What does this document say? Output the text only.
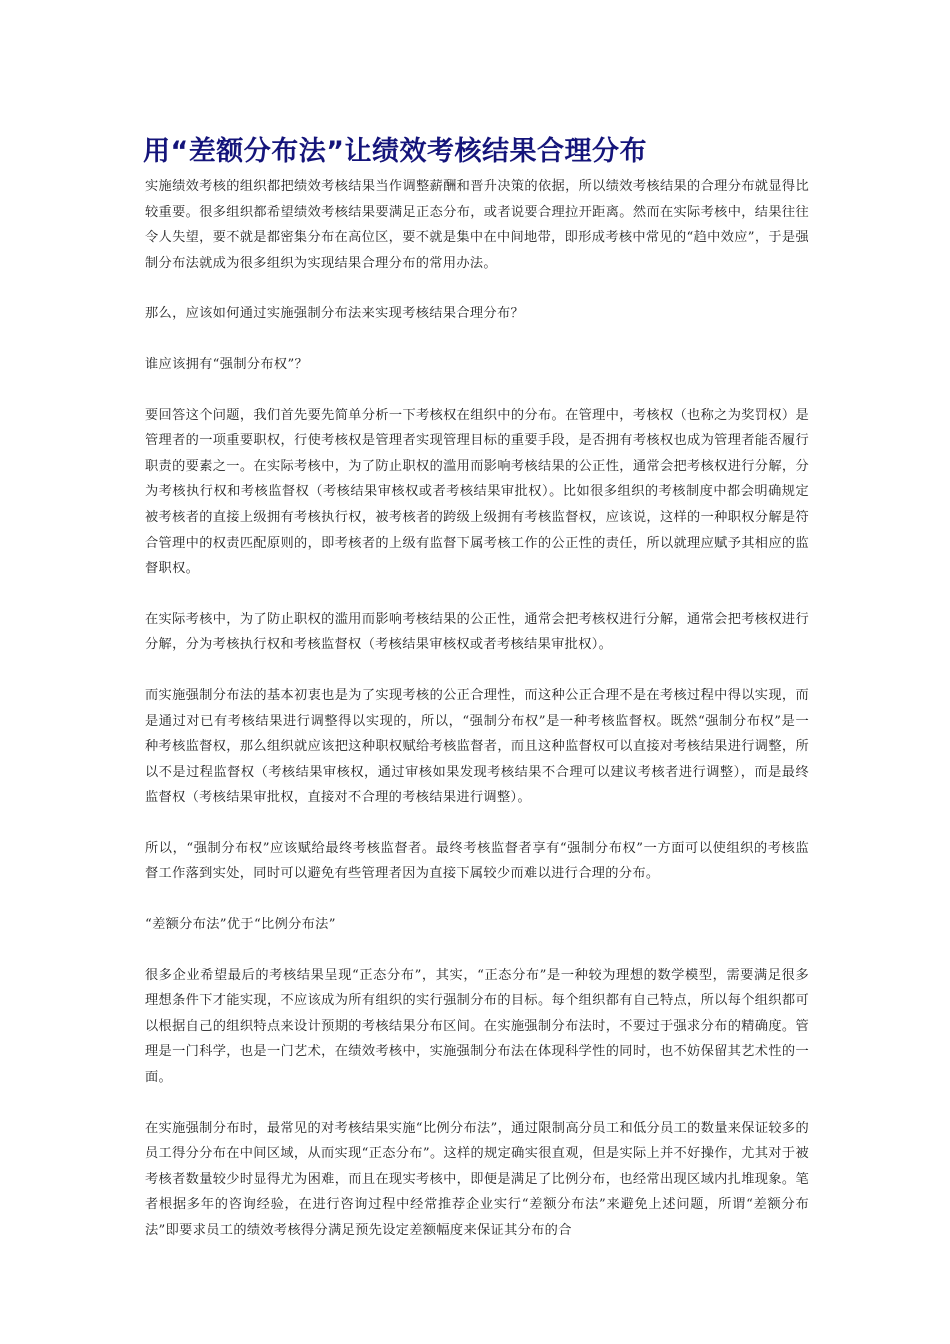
用“差额分布法”让绩效考核结果合理分布

实施绩效考核的组织都把绩效考核结果当作调整薪酬和晋升决策的依据，所以绩效考核结果的合理分布就显得比较重要。很多组织都希望绩效考核结果要满足正态分布，或者说要合理拉开距离。然而在实际考核中，结果往往令人失望，要不就是都密集分布在高位区，要不就是集中在中间地带，即形成考核中常见的“趋中效应”，于是强制分布法就成为很多组织为实现结果合理分布的常用办法。

那么，应该如何通过实施强制分布法来实现考核结果合理分布？

谁应该拥有“强制分布权”？

要回答这个问题，我们首先要先简单分析一下考核权在组织中的分布。在管理中，考核权（也称之为奖罚权）是管理者的一项重要职权，行使考核权是管理者实现管理目标的重要手段，是否拥有考核权也成为管理者能否履行职责的要素之一。在实际考核中，为了防止职权的滥用而影响考核结果的公正性，通常会把考核权进行分解，分为考核执行权和考核监督权（考核结果审核权或者考核结果审批权）。比如很多组织的考核制度中都会明确规定被考核者的直接上级拥有考核执行权，被考核者的跨级上级拥有考核监督权，应该说，这样的一种职权分解是符合管理中的权责匹配原则的，即考核者的上级有监督下属考核工作的公正性的责任，所以就理应赋予其相应的监督职权。

在实际考核中，为了防止职权的滥用而影响考核结果的公正性，通常会把考核权进行分解，通常会把考核权进行分解，分为考核执行权和考核监督权（考核结果审核权或者考核结果审批权）。

而实施强制分布法的基本初衷也是为了实现考核的公正合理性，而这种公正合理不是在考核过程中得以实现，而是通过对已有考核结果进行调整得以实现的，所以，“强制分布权”是一种考核监督权。既然“强制分布权”是一种考核监督权，那么组织就应该把这种职权赋给考核监督者，而且这种监督权可以直接对考核结果进行调整，所以不是过程监督权（考核结果审核权，通过审核如果发现考核结果不合理可以建议考核者进行调整），而是最终监督权（考核结果审批权，直接对不合理的考核结果进行调整）。

所以，“强制分布权”应该赋给最终考核监督者。最终考核监督者享有“强制分布权”一方面可以使组织的考核监督工作落到实处，同时可以避免有些管理者因为直接下属较少而难以进行合理的分布。

“差额分布法”优于“比例分布法”

很多企业希望最后的考核结果呈现“正态分布”，其实，“正态分布”是一种较为理想的数学模型，需要满足很多理想条件下才能实现，不应该成为所有组织的实行强制分布的目标。每个组织都有自己特点，所以每个组织都可以根据自己的组织特点来设计预期的考核结果分布区间。在实施强制分布法时，不要过于强求分布的精确度。管理是一门科学，也是一门艺术，在绩效考核中，实施强制分布法在体现科学性的同时，也不妨保留其艺术性的一面。

在实施强制分布时，最常见的对考核结果实施“比例分布法”，通过限制高分员工和低分员工的数量来保证较多的员工得分分布在中间区域，从而实现“正态分布”。这样的规定确实很直观，但是实际上并不好操作，尤其对于被考核者数量较少时显得尤为困难，而且在现实考核中，即便是满足了比例分布，也经常出现区域内扎堆现象。笔者根据多年的咨询经验，在进行咨询过程中经常推荐企业实行“差额分布法”来避免上述问题，所谓“差额分布法”即要求员工的绩效考核得分满足预先设定差额幅度来保证其分布的合
